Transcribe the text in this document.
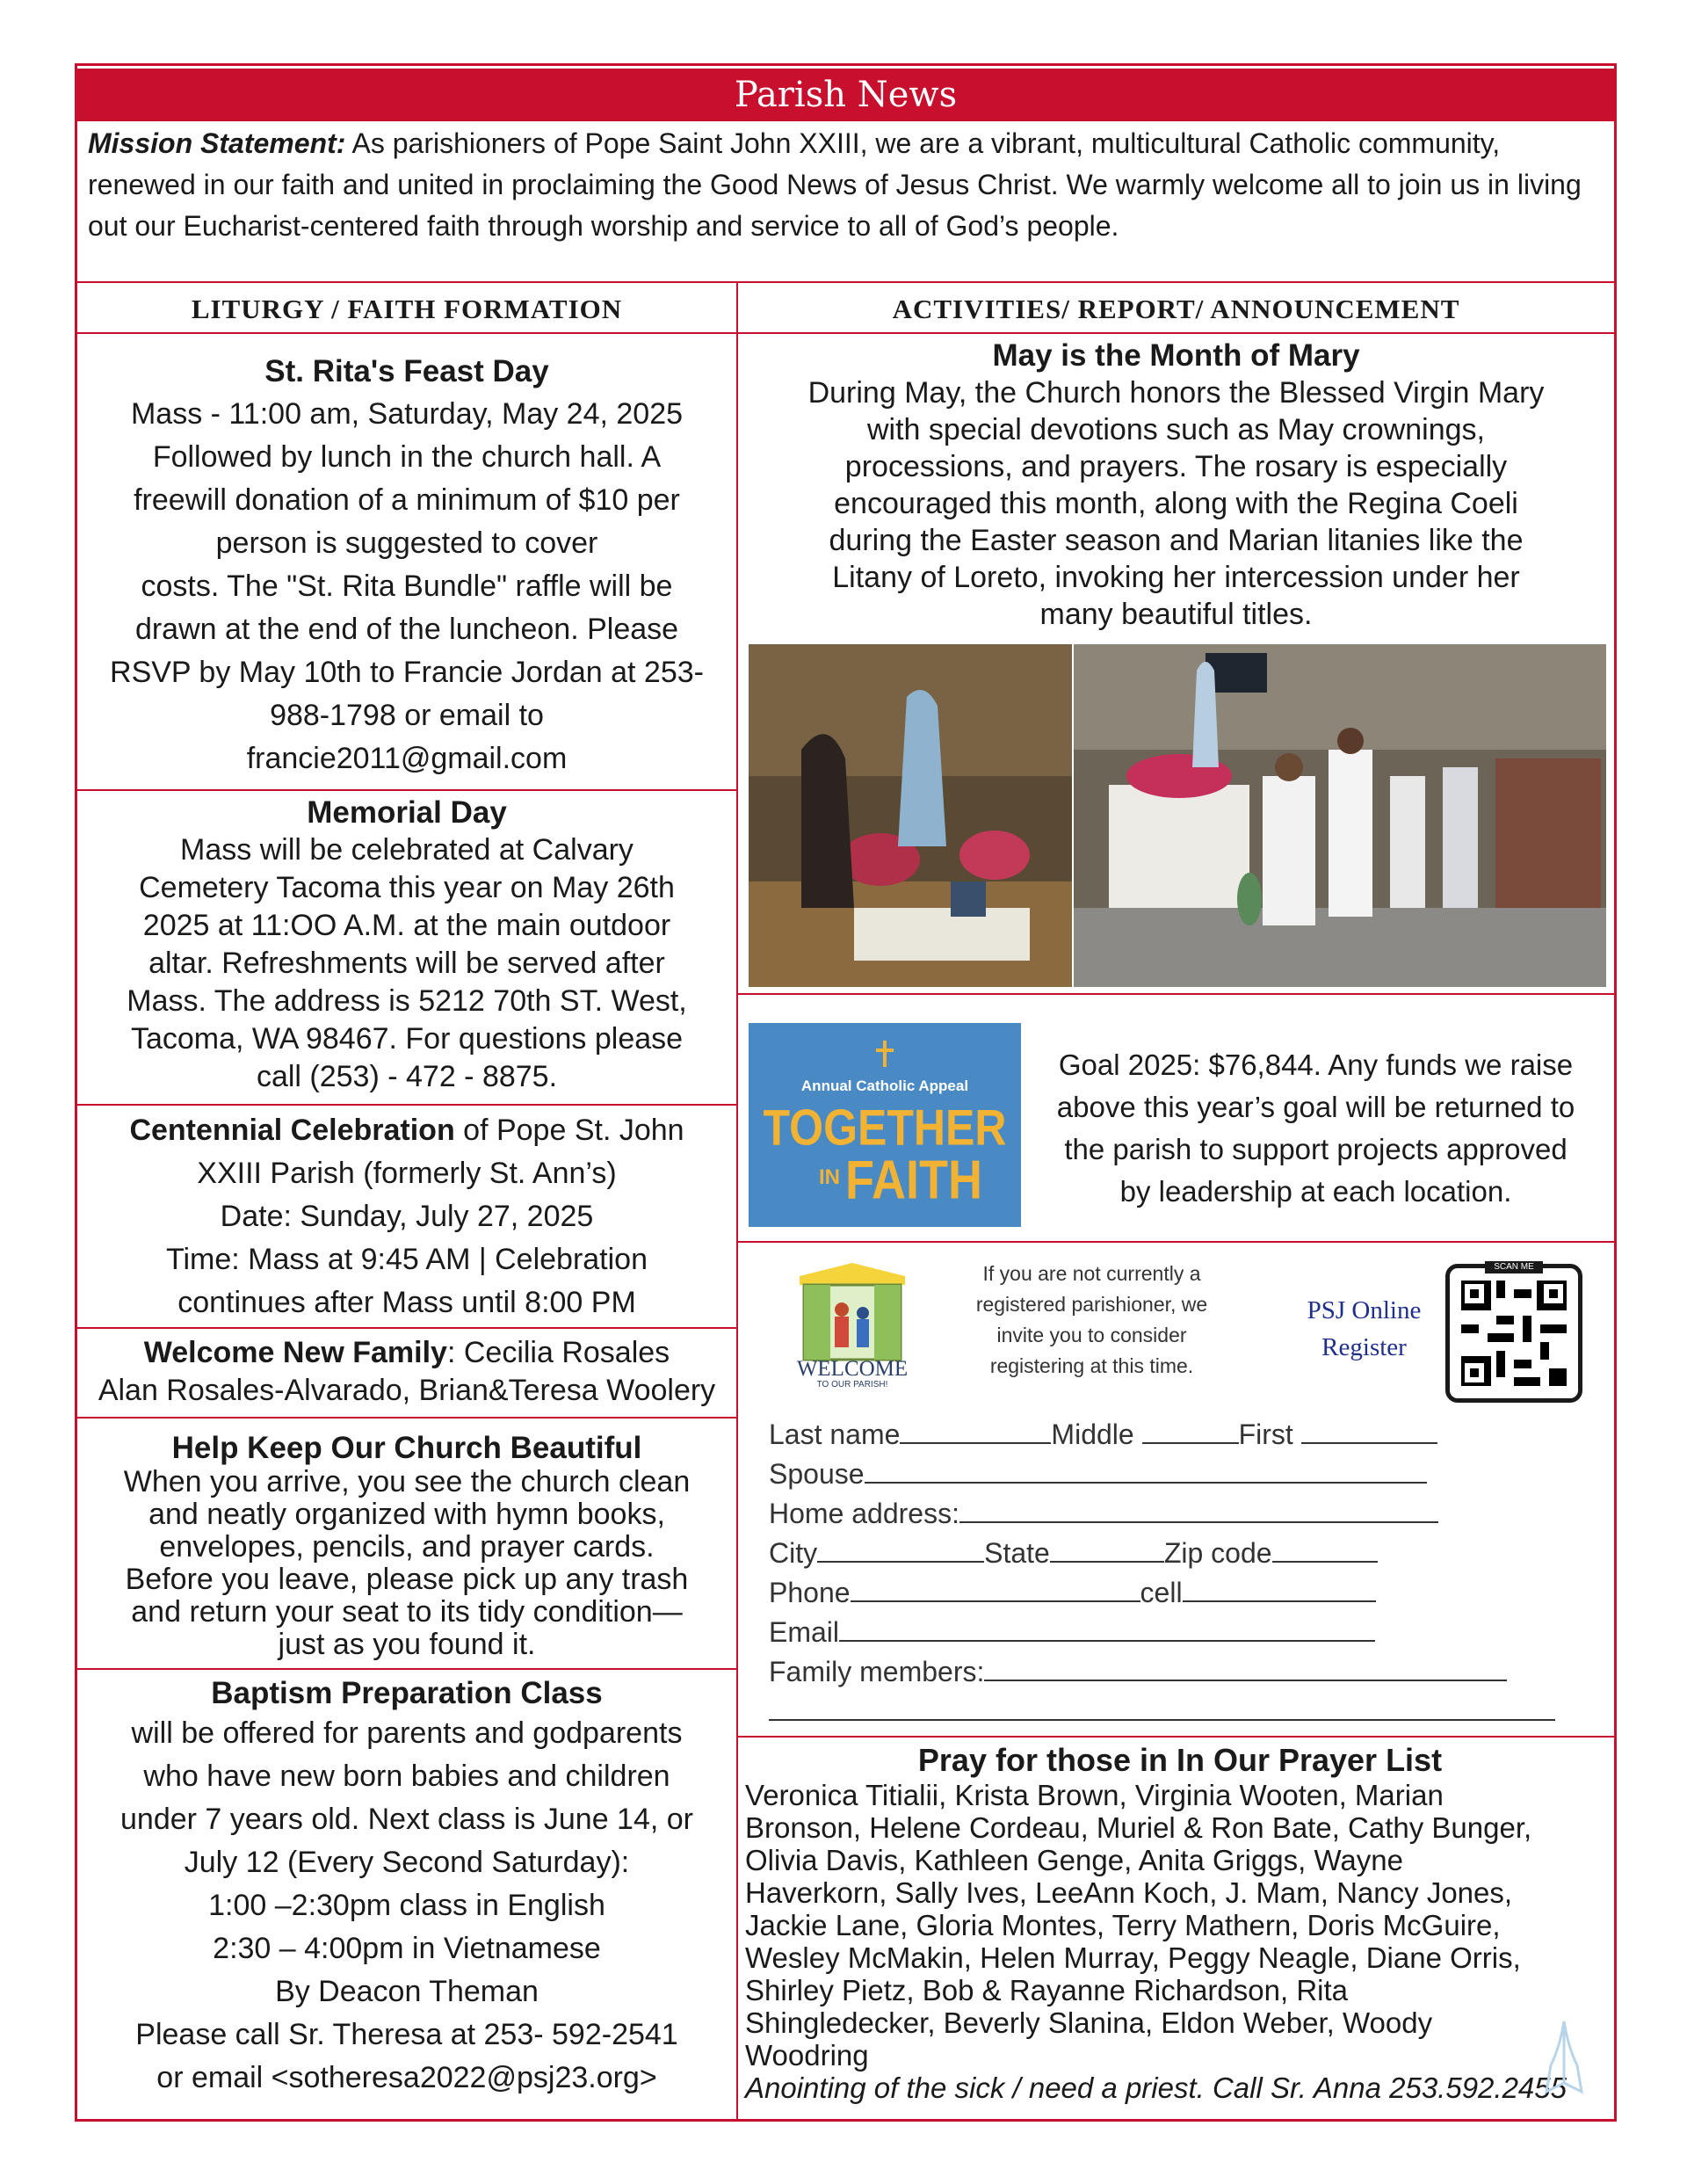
Parish News
Mission Statement: As parishioners of Pope Saint John XXIII, we are a vibrant, multicultural Catholic community, renewed in our faith and united in proclaiming the Good News of Jesus Christ. We warmly welcome all to join us in living out our Eucharist-centered faith through worship and service to all of God’s people.
LITURGY / FAITH FORMATION	ACTIVITIES/ REPORT/ ANNOUNCEMENT
St. Rita's Feast Day
Mass - 11:00 am, Saturday, May 24, 2025
Followed by lunch in the church hall. A
freewill donation of a minimum of $10 per
person is suggested to cover
costs. The "St. Rita Bundle" raffle will be
drawn at the end of the luncheon. Please
RSVP by May 10th to Francie Jordan at 253-
988-1798 or email to
francie2011@gmail.com
Memorial Day
Mass will be celebrated at Calvary
Cemetery Tacoma this year on May 26th
2025 at 11:OO A.M. at the main outdoor
altar. Refreshments will be served after
Mass. The address is 5212 70th ST. West,
Tacoma, WA 98467. For questions please
call (253) - 472 - 8875.
Centennial Celebration of Pope St. John
XXIII Parish (formerly St. Ann’s)
Date: Sunday, July 27, 2025
Time: Mass at 9:45 AM | Celebration
continues after Mass until 8:00 PM
Welcome New Family: Cecilia Rosales
Alan Rosales-Alvarado, Brian&Teresa Woolery
Help Keep Our Church Beautiful
When you arrive, you see the church clean
and neatly organized with hymn books,
envelopes, pencils, and prayer cards.
Before you leave, please pick up any trash
and return your seat to its tidy condition—
just as you found it.
Baptism Preparation Class
will be offered for parents and godparents
who have new born babies and children
under 7 years old. Next class is June 14, or
July 12 (Every Second Saturday):
1:00 –2:30pm class in English
2:30 – 4:00pm in Vietnamese
By Deacon Theman
Please call Sr. Theresa at 253- 592-2541
or email <sotheresa2022@psj23.org>
May is the Month of Mary
During May, the Church honors the Blessed Virgin Mary
with special devotions such as May crownings,
processions, and prayers. The rosary is especially
encouraged this month, along with the Regina Coeli
during the Easter season and Marian litanies like the
Litany of Loreto, invoking her intercession under her
many beautiful titles.
Annual Catholic Appeal
TOGETHER
IN FAITH
Goal 2025: $76,844. Any funds we raise
above this year’s goal will be returned to
the parish to support projects approved
by leadership at each location.
WELCOME
TO OUR PARISH!
If you are not currently a
registered parishioner, we
invite you to consider
registering at this time.
PSJ Online
Register
SCAN ME
Last name	Middle	First
Spouse
Home address:
City	State	Zip code
Phone	cell
Email
Family members:
Pray for those in In Our Prayer List
Veronica Titialii, Krista Brown, Virginia Wooten, Marian
Bronson, Helene Cordeau, Muriel & Ron Bate, Cathy Bunger,
Olivia Davis, Kathleen Genge, Anita Griggs, Wayne
Haverkorn, Sally Ives, LeeAnn Koch, J. Mam, Nancy Jones,
Jackie Lane, Gloria Montes, Terry Mathern, Doris McGuire,
Wesley McMakin, Helen Murray, Peggy Neagle, Diane Orris,
Shirley Pietz, Bob & Rayanne Richardson, Rita
Shingledecker, Beverly Slanina, Eldon Weber, Woody
Woodring
Anointing of the sick / need a priest. Call Sr. Anna 253.592.2455
